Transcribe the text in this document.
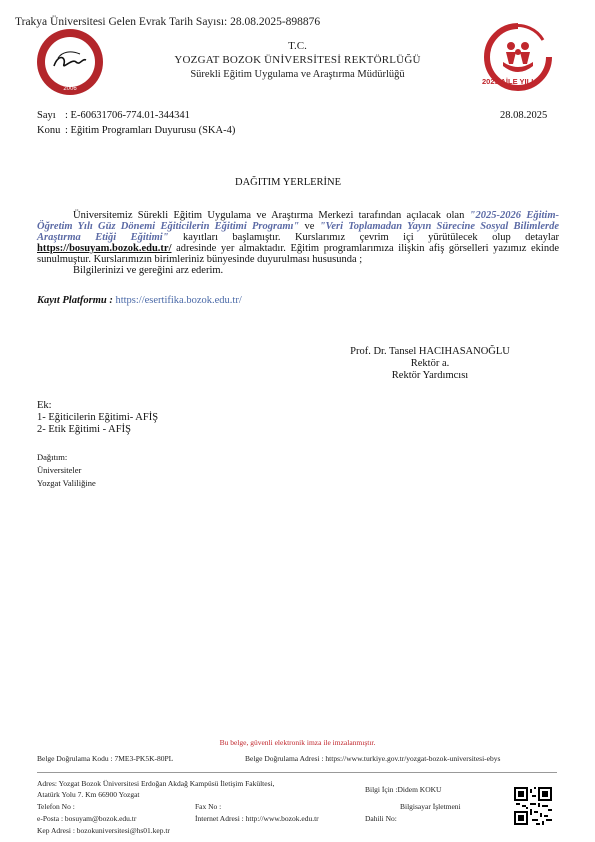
Trakya Üniversitesi Gelen Evrak Tarih Sayısı: 28.08.2025-898876
2006
2025 AİLE YILI
T.C.
YOZGAT BOZOK ÜNİVERSİTESİ REKTÖRLÜĞÜ
Sürekli Eğitim Uygulama ve Araştırma Müdürlüğü
Sayı : E-60631706-774.01-344341
Konu : Eğitim Programları Duyurusu (SKA-4)
28.08.2025
DAĞITIM YERLERİNE

Üniversitemiz Sürekli Eğitim Uygulama ve Araştırma Merkezi tarafından açılacak olan "2025-2026 Eğitim-Öğretim Yılı Güz Dönemi Eğiticilerin Eğitimi Programı" ve "Veri Toplamadan Yayın Sürecine Sosyal Bilimlerde Araştırma Etiği Eğitimi" kayıtları başlamıştır. Kurslarımız çevrim içi yürütülecek olup detaylar https://bosuyam.bozok.edu.tr/ adresinde yer almaktadır. Eğitim programlarımıza ilişkin afiş görselleri yazımız ekinde sunulmuştur. Kurslarımızın birimleriniz bünyesinde duyurulması hususunda ;

Bilgilerinizi ve gereğini arz ederim.

Kayıt Platformu : https://esertifika.bozok.edu.tr/
Prof. Dr. Tansel HACIHASANOĞLU
Rektör a.
Rektör Yardımcısı
Ek:
1- Eğiticilerin Eğitimi- AFİŞ
2- Etik Eğitimi - AFİŞ
Dağıtım:
Üniversiteler
Yozgat Valiliğine
Bu belge, güvenli elektronik imza ile imzalanmıştır.
Belge Doğrulama Kodu : 7ME3-PK5K-80PL	Belge Doğrulama Adresi : https://www.turkiye.gov.tr/yozgat-bozok-universitesi-ebys
Adres: Yozgat Bozok Üniversitesi Erdoğan Akdağ Kampüsü İletişim Fakültesi,
Atatürk Yolu 7. Km 66900 Yozgat
Bilgi İçin :Didem KOKU
Telefon No :	Fax No :	Bilgisayar İşletmeni
e-Posta : bosuyam@bozok.edu.tr	İnternet Adresi : http://www.bozok.edu.tr	Dahili No:
Kep Adresi : bozokuniversitesi@hs01.kep.tr
